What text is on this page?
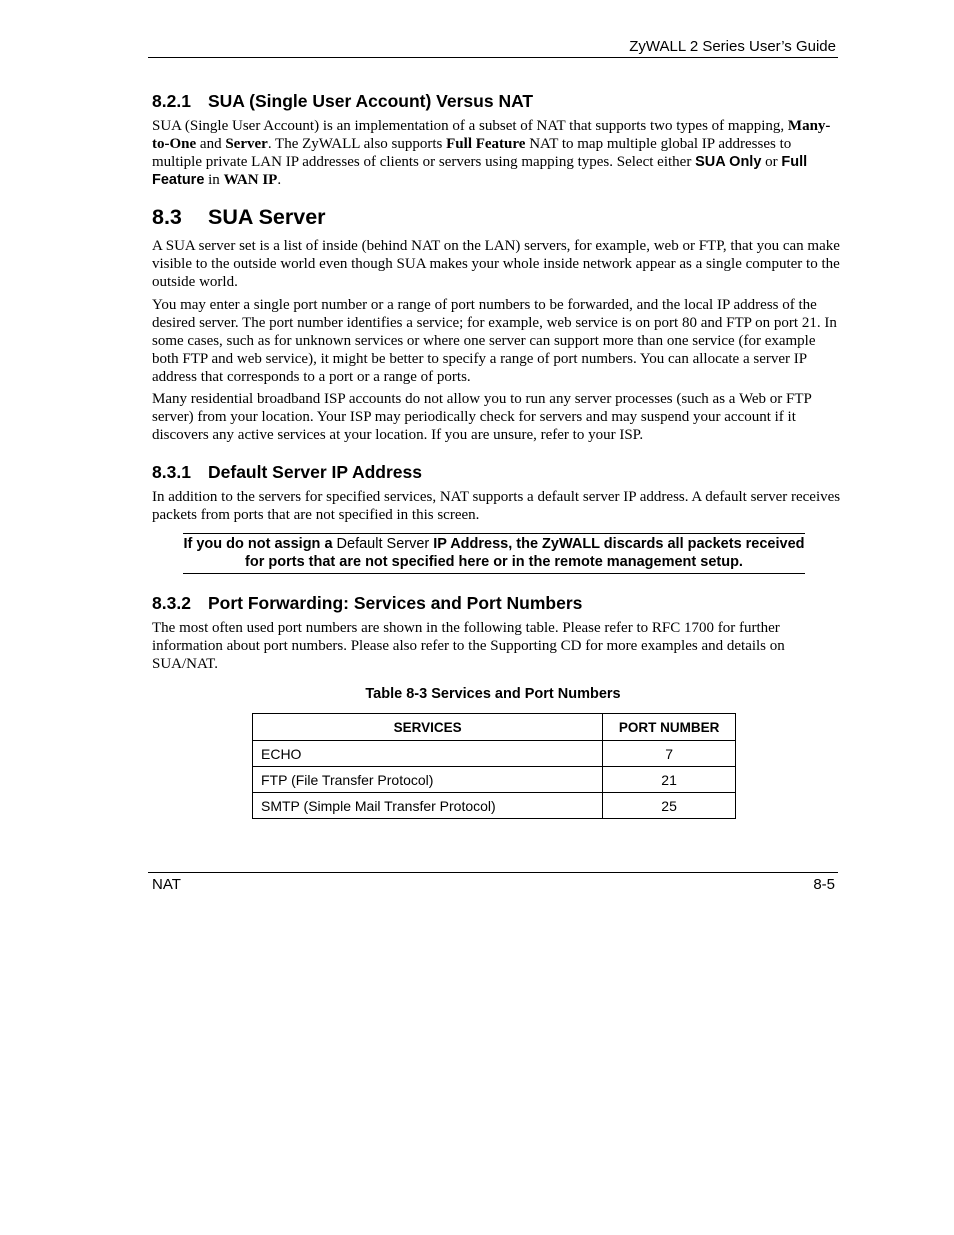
ZyWALL 2 Series User’s Guide
8.2.1 SUA (Single User Account) Versus NAT
SUA (Single User Account) is an implementation of a subset of NAT that supports two types of mapping, Many-to-One and Server. The ZyWALL also supports Full Feature NAT to map multiple global IP addresses to multiple private LAN IP addresses of clients or servers using mapping types. Select either SUA Only or Full Feature in WAN IP.
8.3 SUA Server
A SUA server set is a list of inside (behind NAT on the LAN) servers, for example, web or FTP, that you can make visible to the outside world even though SUA makes your whole inside network appear as a single computer to the outside world.
You may enter a single port number or a range of port numbers to be forwarded, and the local IP address of the desired server. The port number identifies a service; for example, web service is on port 80 and FTP on port 21. In some cases, such as for unknown services or where one server can support more than one service (for example both FTP and web service), it might be better to specify a range of port numbers. You can allocate a server IP address that corresponds to a port or a range of ports.
Many residential broadband ISP accounts do not allow you to run any server processes (such as a Web or FTP server) from your location. Your ISP may periodically check for servers and may suspend your account if it discovers any active services at your location. If you are unsure, refer to your ISP.
8.3.1 Default Server IP Address
In addition to the servers for specified services, NAT supports a default server IP address. A default server receives packets from ports that are not specified in this screen.
If you do not assign a Default Server IP Address, the ZyWALL discards all packets received for ports that are not specified here or in the remote management setup.
8.3.2 Port Forwarding: Services and Port Numbers
The most often used port numbers are shown in the following table. Please refer to RFC 1700 for further information about port numbers. Please also refer to the Supporting CD for more examples and details on SUA/NAT.
Table 8-3 Services and Port Numbers
SERVICES	PORT NUMBER
ECHO	7
FTP (File Transfer Protocol)	21
SMTP (Simple Mail Transfer Protocol)	25
NAT	8-5
